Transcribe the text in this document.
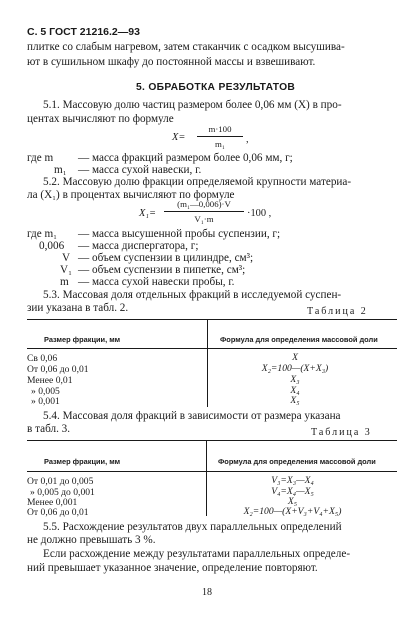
С. 5 ГОСТ 21216.2—93
плитке со слабым нагревом, затем стаканчик с осадком высушива-
ют в сушильном шкафу до постоянной массы и взвешивают.
5. ОБРАБОТКА РЕЗУЛЬТАТОВ
5.1. Массовую долю частиц размером более 0,06 мм (X) в про-
центах вычисляют по формуле
X=
m·100
m₁	,
где m — масса фракций размером более 0,06 мм, г;
m₁ — масса сухой навески, г.
5.2. Массовую долю фракции определяемой крупности материа-
ла (X₁) в процентах вычисляют по формуле
X₁=
(m₁—0,006)·V
V₁·m	·100 ,
где m₁ — масса высушенной пробы суспензии, г;
0,006 — масса диспергатора, г;
V — объем суспензии в цилиндре, см³;
V₁ — объем суспензии в пипетке, см³;
m — масса сухой навески пробы, г.
5.3. Массовая доля отдельных фракций в исследуемой суспен-
зии указана в табл. 2.	Таблица 2
Размер фракции, мм	Формула для определения массовой доли
Св 0,06	X
От 0,06 до 0,01	X₂=100—(X+X₃)
Менее 0,01	X₃
» 0,005	X₄
» 0,001	X₅
5.4. Массовая доля фракций в зависимости от размера указана
в табл. 3.	Таблица 3
Размер фракции, мм	Формула для определения массовой доли
От 0,01 до 0,005	V₃=X₃—X₄
» 0,005 до 0,001	V₄=X₄—X₅
Менее 0,001	X₅
От 0,06 до 0,01	X₂=100—(X+V₃+V₄+X₅)
5.5. Расхождение результатов двух параллельных определений
не должно превышать 3 %.
Если расхождение между результатами параллельных определе-
ний превышает указанное значение, определение повторяют.
18
